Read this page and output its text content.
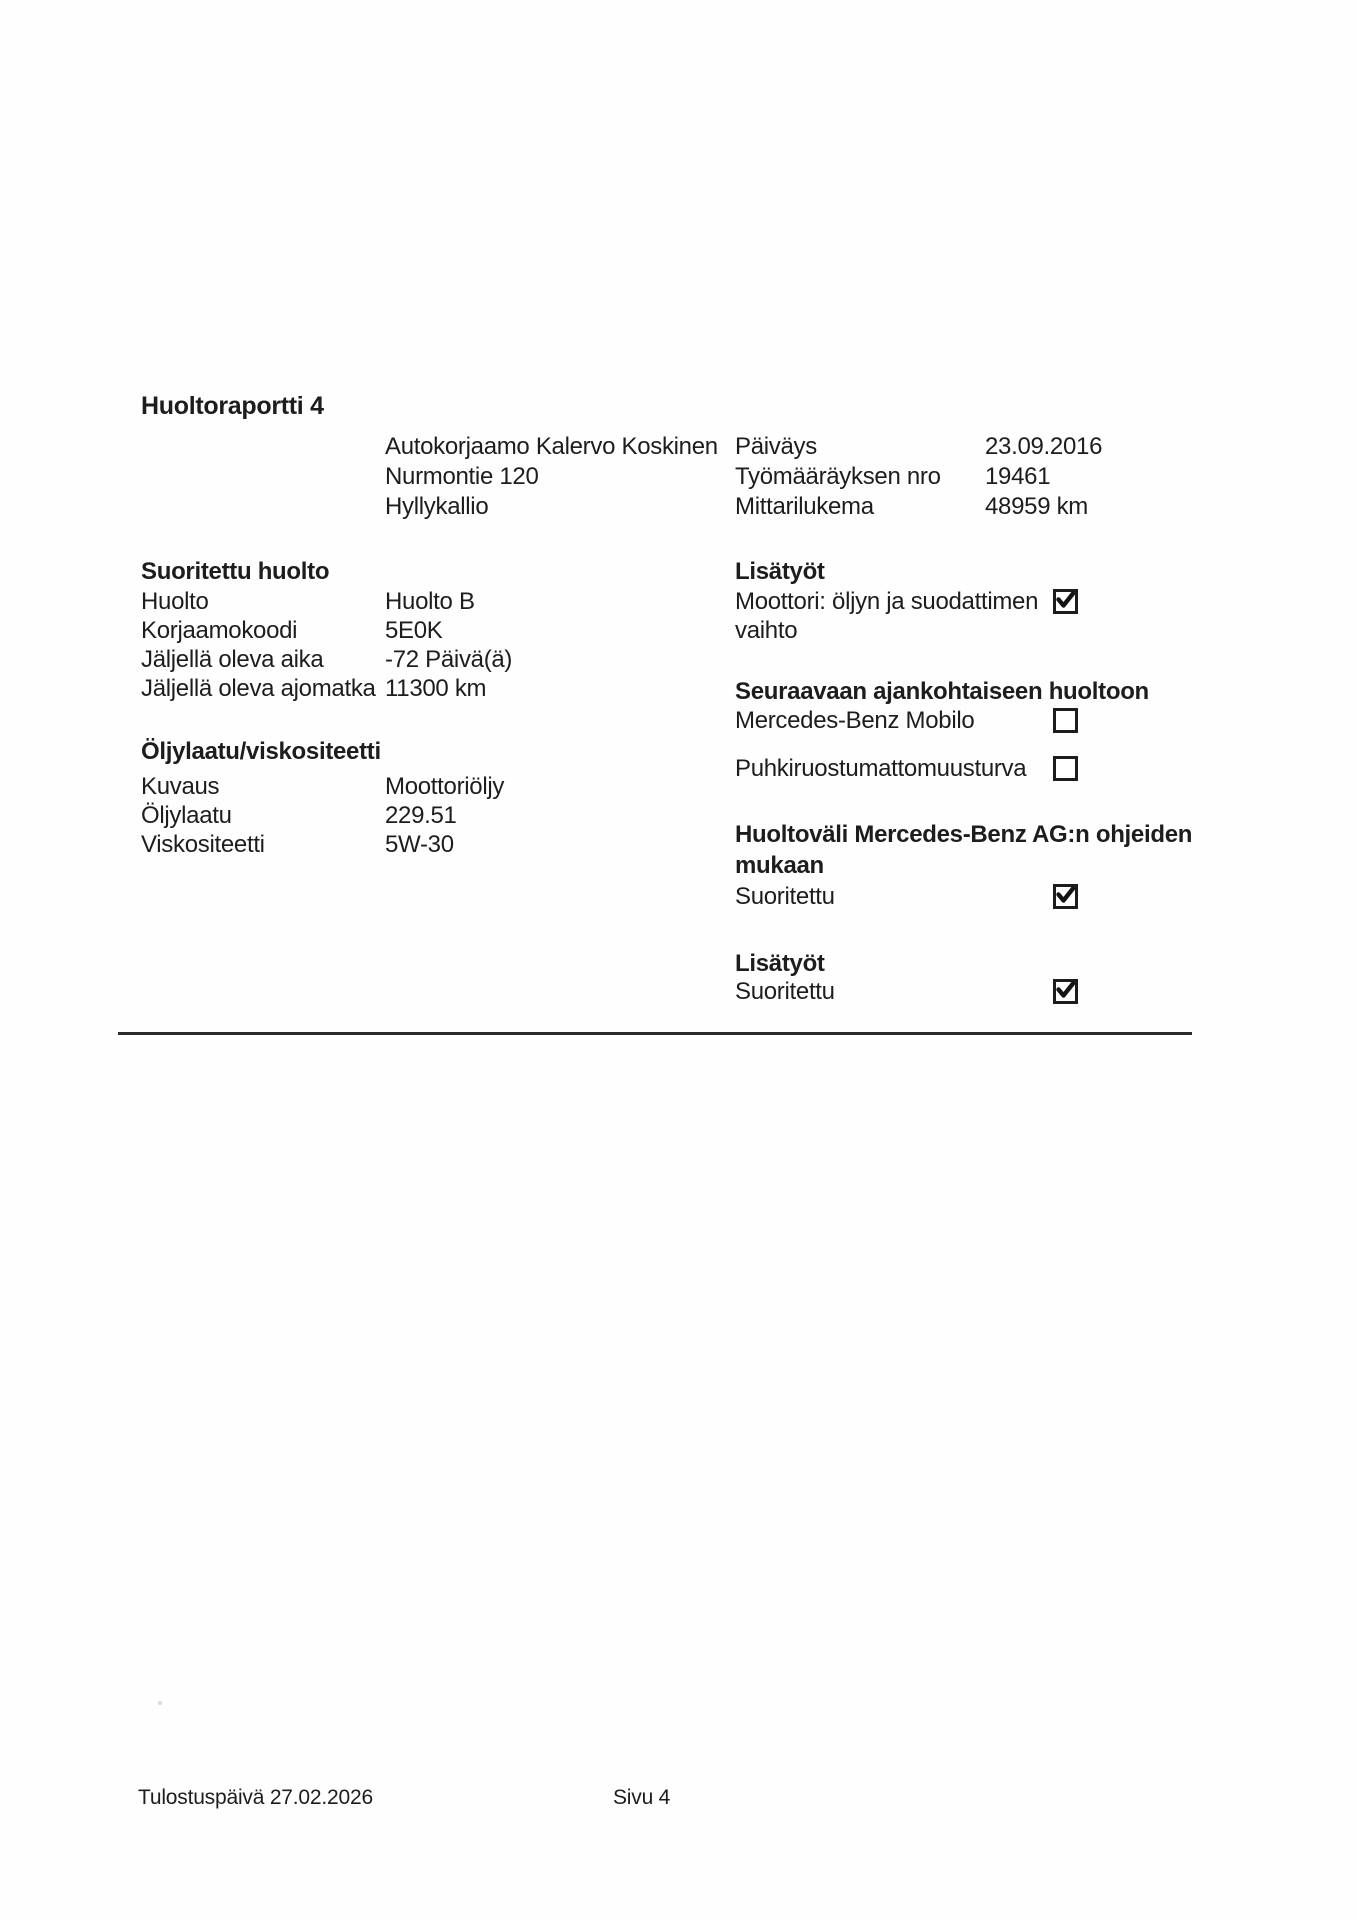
Huoltoraportti 4
Autokorjaamo Kalervo Koskinen
Nurmontie 120
Hyllykallio
Päiväys
Työmääräyksen nro
Mittarilukema
23.09.2016
19461
48959 km
Suoritettu huolto
Huolto
Korjaamokoodi
Jäljellä oleva aika
Jäljellä oleva ajomatka
Huolto B
5E0K
-72 Päivä(ä)
11300 km
Öljylaatu/viskositeetti
Kuvaus
Öljylaatu
Viskositeetti
Moottoriöljy
229.51
5W-30
Lisätyöt
Moottori: öljyn ja suodattimen
vaihto
Seuraavaan ajankohtaiseen huoltoon
Mercedes-Benz Mobilo
Puhkiruostumattomuusturva
Huoltoväli Mercedes-Benz AG:n ohjeiden
mukaan
Suoritettu
Lisätyöt
Suoritettu
Tulostuspäivä 27.02.2026	Sivu 4
